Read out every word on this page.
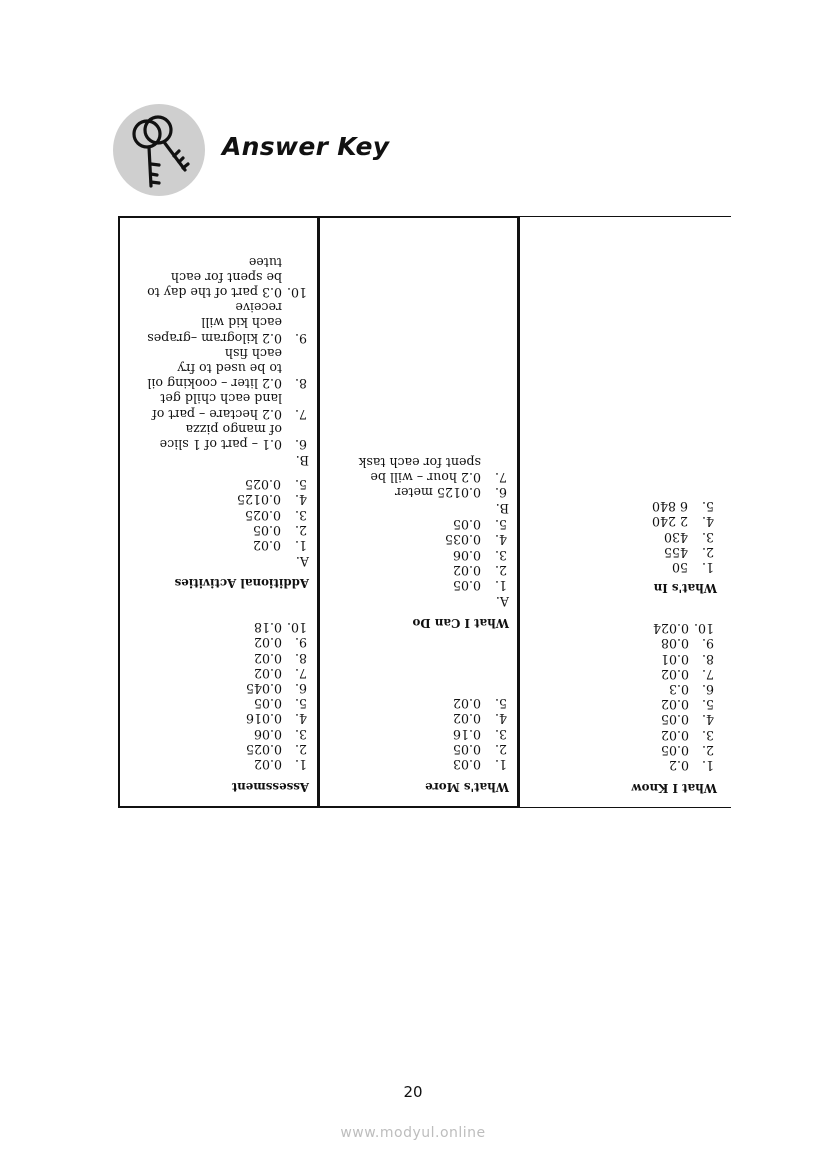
Answer Key
What I Know
1.
0.2
2.
0.05
3.
0.02
4.
0.05
5.
0.02
6.
0.3
7.
0.02
8.
0.01
9.
0.08
10.
0.024
What's In
1.
50
2.
455
3.
430
4.
2 240
5.
6 840
What's More
1.
0.03
2.
0.05
3.
0.16
4.
0.02
5.
0.02
What I Can Do
A.
1.
0.05
2.
0.02
3.
0.06
4.
0.035
5.
0.05
B.
6.
0.0125 meter
7.
0.2 hour – will be
spent for each task
Assessment
1.
0.02
2.
0.025
3.
0.06
4.
0.016
5.
0.05
6.
0.045
7.
0.02
8.
0.02
9.
0.02
10.
0.18
Additional Activities
A.
1.
0.02
2.
0.05
3.
0.025
4.
0.0125
5.
0.025
B.
6.
0.1 – part of 1 slice
of mango pizza
7.
0.2 hectare – part of
land each child get
8.
0.2 liter – cooking oil
to be used to fry
each fish
9.
0.2 kilogram –grapes
each kid will
receive
10.
0.3 part of the day to
be spent for each
tutee
20
www.modyul.online
